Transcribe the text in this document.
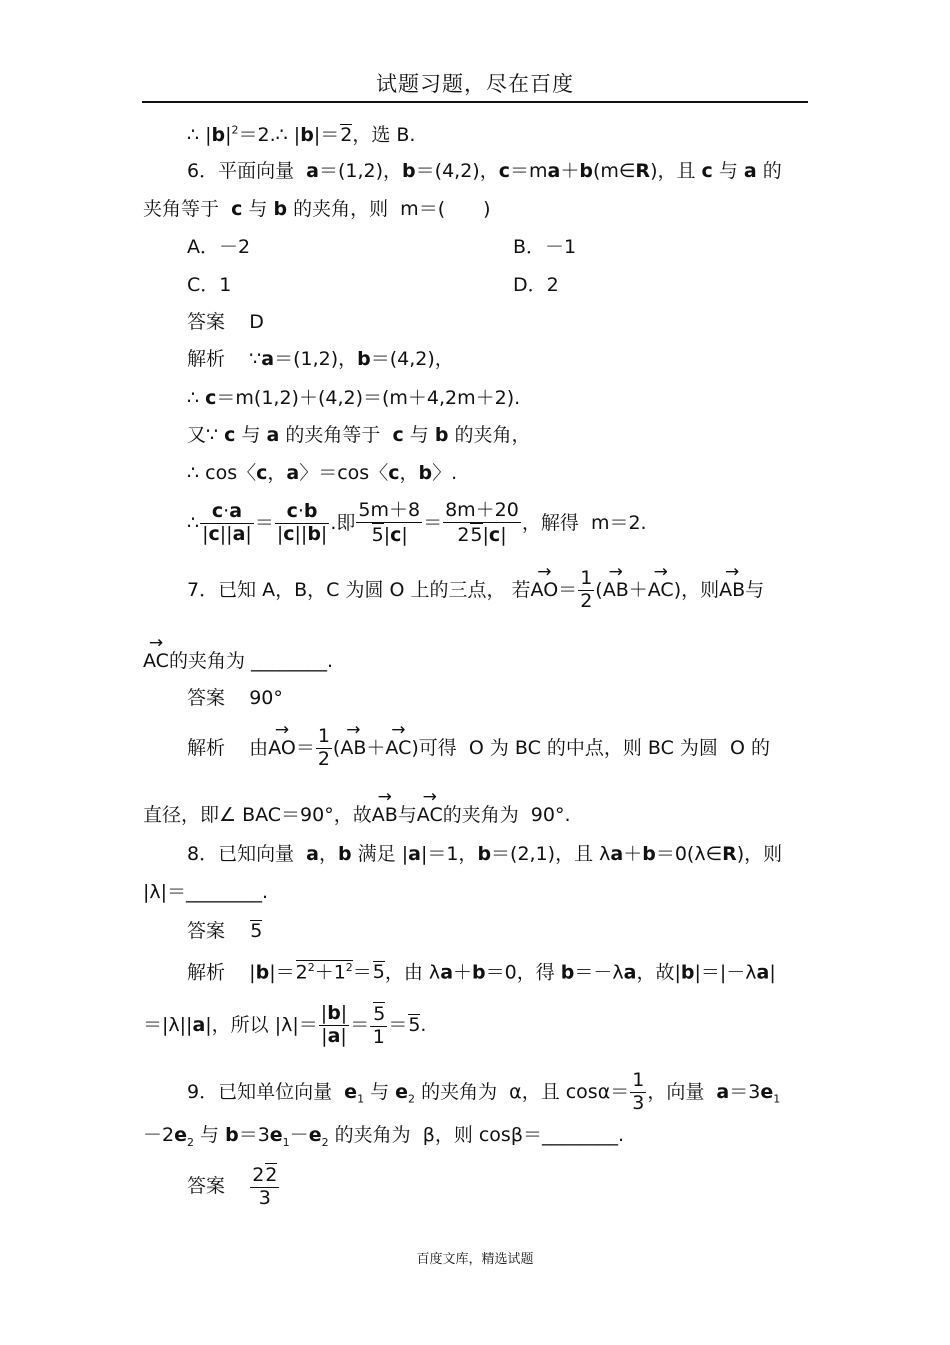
试题习题，尽在百度
∴ $|b|^2=2.\therefore$ |b|＝2，选 B.
6．平面向量  a＝(1,2)，b＝(4,2)，c＝ma＋b(m∈R)，且 c 与 a 的
夹角等于  c 与 b 的夹角，则  m＝(　　)
A．－2	B．－1
C．1	D．2
答案 D
解析    ∵a＝(1,2)，b＝(4,2)，
∴ c＝m(1,2)＋(4,2)＝(m＋4,2m＋2).
又∵ c 与 a 的夹角等于  c 与 b 的夹角，
∴ cos〈c，a〉＝cos〈c，b〉.
∴ $\frac{c\cdot a}{|c||a|} = \frac{c\cdot b}{|c||b|}$ .即 $\frac{5m+8}{5|c|} = \frac{8m+20}{25|c|}$ ，解得  m＝2.
7．已知 A，B，C 为圆 O 上的三点， 若→ $AO= \frac{1}{2}$ (→ AB＋→ AC)，则→ AB与
→ AC的夹角为 ________.
答案 90°
解析    由→ $AO= \frac{1}{2}$ (→ AB＋→ AC)可得  O 为 BC 的中点，则 BC 为圆  O 的
直径，即∠ BAC＝90°，故→ AB与→ AC的夹角为  90°.
8．已知向量  a，b 满足 |a|＝1，b＝(2,1)，且 λa＋b＝0(λ∈R)，则
|λ|＝________.
答案 5
解析    $|b|=2^2+1^2=5$，由 λa＋b＝0，得 b＝－λa，故|b|＝|－λa|
＝|λ||a|，所以 $|\lambda|= \frac{|b|}{|a|} = \frac{5}{1} =5$.
9．已知单位向量  $e_1$ 与 $e_2$ 的夹角为  α，且 $\cos\alpha= \frac{1}{3}$ ，向量  $a=3e_1$
$-2e_2$ 与 $b=3e_1-e_2$ 的夹角为  β，则 cosβ＝________.
答案 $\frac{22}{3}$
百度文库，精选试题
